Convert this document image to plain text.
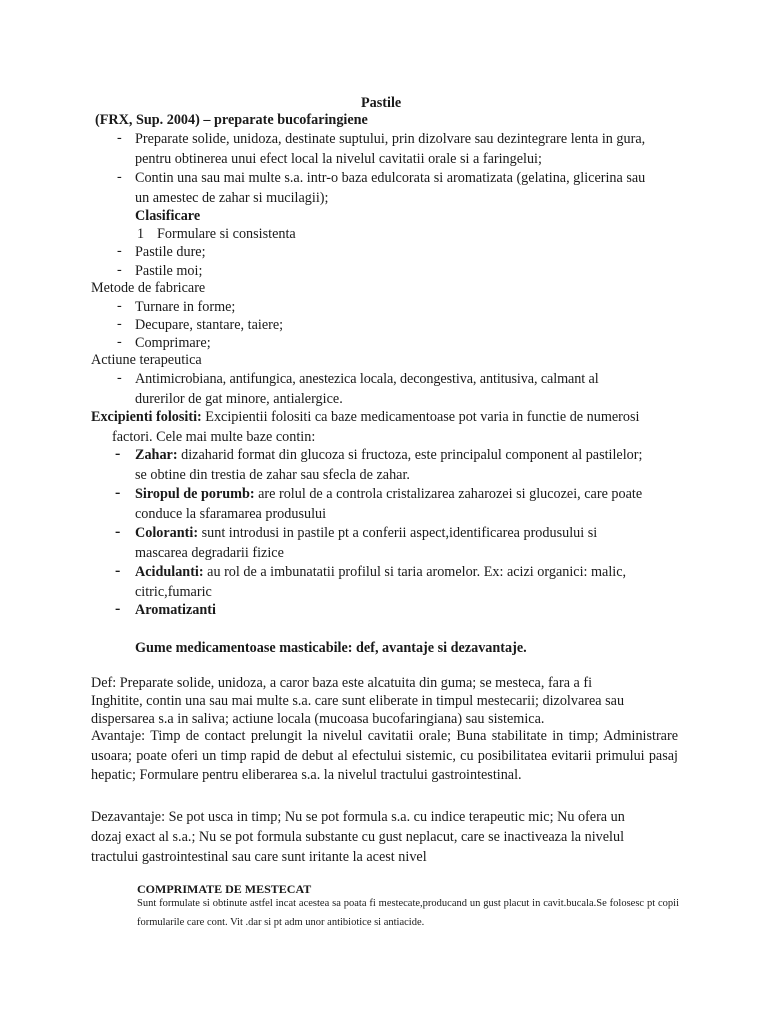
Pastile
(FRX, Sup. 2004) – preparate bucofaringiene
- Preparate solide, unidoza, destinate suptului, prin dizolvare sau dezintegrare lenta in gura,
pentru obtinerea unui efect local la nivelul cavitatii orale si a faringelui;
- Contin una sau mai multe s.a. intr-o baza edulcorata si aromatizata (gelatina, glicerina sau
un amestec de zahar si mucilagii);
Clasificare
1 Formulare si consistenta
- Pastile dure;
- Pastile moi;
Metode de fabricare
- Turnare in forme;
- Decupare, stantare, taiere;
- Comprimare;
Actiune terapeutica
- Antimicrobiana, antifungica, anestezica locala, decongestiva, antitusiva, calmant al
durerilor de gat minore, antialergice.
Excipienti folositi: Excipientii folositi ca baze medicamentoase pot varia in functie de numerosi
factori. Cele mai multe baze contin:
- Zahar: dizaharid format din glucoza si fructoza, este principalul component al pastilelor;
se obtine din trestia de zahar sau sfecla de zahar.
- Siropul de porumb: are rolul de a controla cristalizarea zaharozei si glucozei, care poate
conduce la sfaramarea produsului
- Coloranti: sunt introdusi in pastile pt a conferii aspect,identificarea produsului si
mascarea degradarii fizice
- Acidulanti: au rol de a imbunatatii profilul si taria aromelor. Ex: acizi organici: malic,
citric,fumaric
- Aromatizanti
Gume medicamentoase masticabile: def, avantaje si dezavantaje.
Def: Preparate solide, unidoza, a caror baza este alcatuita din guma; se mesteca, fara a fi
Inghitite, contin una sau mai multe s.a. care sunt eliberate in timpul mestecarii; dizolvarea sau
dispersarea s.a in saliva; actiune locala (mucoasa bucofaringiana) sau sistemica.
Avantaje: Timp de contact prelungit la nivelul cavitatii orale; Buna stabilitate in timp; Administrare usoara; poate oferi un timp rapid de debut al efectului sistemic, cu posibilitatea evitarii primului pasaj hepatic; Formulare pentru eliberarea s.a. la nivelul tractului gastrointestinal.
Dezavantaje: Se pot usca in timp; Nu se pot formula s.a. cu indice terapeutic mic; Nu ofera un
dozaj exact al s.a.; Nu se pot formula substante cu gust neplacut, care se inactiveaza la nivelul
tractului gastrointestinal sau care sunt iritante la acest nivel
COMPRIMATE DE MESTECAT
Sunt formulate si obtinute astfel incat acestea sa poata fi mestecate,producand un gust placut in cavit.bucala.Se folosesc pt copii formularile care cont. Vit .dar si pt adm unor antibiotice si antiacide.
